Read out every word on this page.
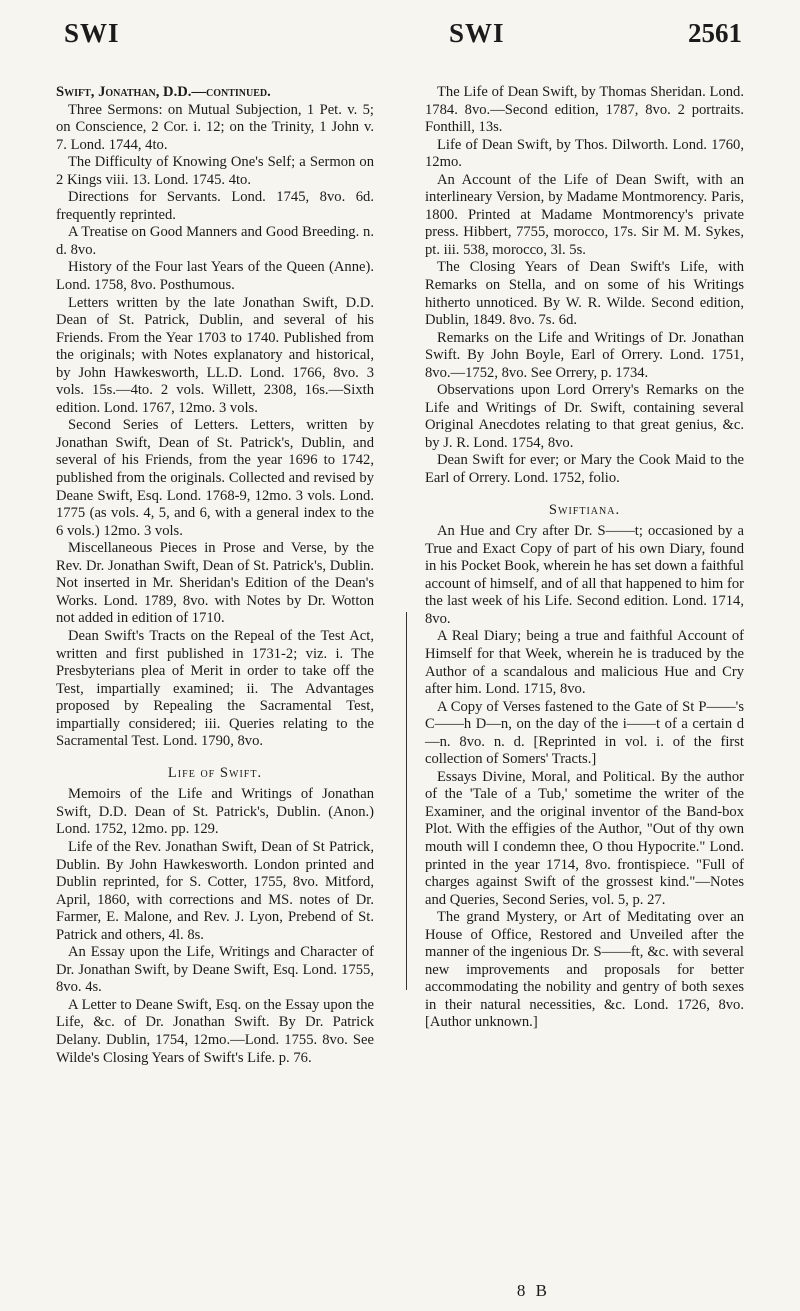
SWI	SWI	2561

Swift, Jonathan, D.D.—continued.

Three Sermons: on Mutual Subjection, 1 Pet. v. 5; on Conscience, 2 Cor. i. 12; on the Trinity, 1 John v. 7. Lond. 1744, 4to.

The Difficulty of Knowing One's Self; a Sermon on 2 Kings viii. 13. Lond. 1745. 4to.

Directions for Servants. Lond. 1745, 8vo. 6d. frequently reprinted.

A Treatise on Good Manners and Good Breeding. n. d. 8vo.

History of the Four last Years of the Queen (Anne). Lond. 1758, 8vo. Posthumous.

Letters written by the late Jonathan Swift, D.D. Dean of St. Patrick, Dublin, and several of his Friends. From the Year 1703 to 1740. Published from the originals; with Notes explanatory and historical, by John Hawkesworth, LL.D. Lond. 1766, 8vo. 3 vols. 15s.—4to. 2 vols. Willett, 2308, 16s.—Sixth edition. Lond. 1767, 12mo. 3 vols.

Second Series of Letters. Letters, written by Jonathan Swift, Dean of St. Patrick's, Dublin, and several of his Friends, from the year 1696 to 1742, published from the originals. Collected and revised by Deane Swift, Esq. Lond. 1768-9, 12mo. 3 vols. Lond. 1775 (as vols. 4, 5, and 6, with a general index to the 6 vols.) 12mo. 3 vols.

Miscellaneous Pieces in Prose and Verse, by the Rev. Dr. Jonathan Swift, Dean of St. Patrick's, Dublin. Not inserted in Mr. Sheridan's Edition of the Dean's Works. Lond. 1789, 8vo. with Notes by Dr. Wotton not added in edition of 1710.

Dean Swift's Tracts on the Repeal of the Test Act, written and first published in 1731-2; viz. i. The Presbyterians plea of Merit in order to take off the Test, impartially examined; ii. The Advantages proposed by Repealing the Sacramental Test, impartially considered; iii. Queries relating to the Sacramental Test. Lond. 1790, 8vo.

Life of Swift.

Memoirs of the Life and Writings of Jonathan Swift, D.D. Dean of St. Patrick's, Dublin. (Anon.) Lond. 1752, 12mo. pp. 129.

Life of the Rev. Jonathan Swift, Dean of St Patrick, Dublin. By John Hawkesworth. London printed and Dublin reprinted, for S. Cotter, 1755, 8vo. Mitford, April, 1860, with corrections and MS. notes of Dr. Farmer, E. Malone, and Rev. J. Lyon, Prebend of St. Patrick and others, 4l. 8s.

An Essay upon the Life, Writings and Character of Dr. Jonathan Swift, by Deane Swift, Esq. Lond. 1755, 8vo. 4s.

A Letter to Deane Swift, Esq. on the Essay upon the Life, &c. of Dr. Jonathan Swift. By Dr. Patrick Delany. Dublin, 1754, 12mo.—Lond. 1755. 8vo. See Wilde's Closing Years of Swift's Life. p. 76.

The Life of Dean Swift, by Thomas Sheridan. Lond. 1784. 8vo.—Second edition, 1787, 8vo. 2 portraits. Fonthill, 13s.

Life of Dean Swift, by Thos. Dilworth. Lond. 1760, 12mo.

An Account of the Life of Dean Swift, with an interlineary Version, by Madame Montmorency. Paris, 1800. Printed at Madame Montmorency's private press. Hibbert, 7755, morocco, 17s. Sir M. M. Sykes, pt. iii. 538, morocco, 3l. 5s.

The Closing Years of Dean Swift's Life, with Remarks on Stella, and on some of his Writings hitherto unnoticed. By W. R. Wilde. Second edition, Dublin, 1849. 8vo. 7s. 6d.

Remarks on the Life and Writings of Dr. Jonathan Swift. By John Boyle, Earl of Orrery. Lond. 1751, 8vo.—1752, 8vo. See Orrery, p. 1734.

Observations upon Lord Orrery's Remarks on the Life and Writings of Dr. Swift, containing several Original Anecdotes relating to that great genius, &c. by J. R. Lond. 1754, 8vo.

Dean Swift for ever; or Mary the Cook Maid to the Earl of Orrery. Lond. 1752, folio.

Swiftiana.

An Hue and Cry after Dr. S——t; occasioned by a True and Exact Copy of part of his own Diary, found in his Pocket Book, wherein he has set down a faithful account of himself, and of all that happened to him for the last week of his Life. Second edition. Lond. 1714, 8vo.

A Real Diary; being a true and faithful Account of Himself for that Week, wherein he is traduced by the Author of a scandalous and malicious Hue and Cry after him. Lond. 1715, 8vo.

A Copy of Verses fastened to the Gate of St P——'s C——h D—n, on the day of the i——t of a certain d—n. 8vo. n. d. [Reprinted in vol. i. of the first collection of Somers' Tracts.]

Essays Divine, Moral, and Political. By the author of the 'Tale of a Tub,' sometime the writer of the Examiner, and the original inventor of the Band-box Plot. With the effigies of the Author, "Out of thy own mouth will I condemn thee, O thou Hypocrite." Lond. printed in the year 1714, 8vo. frontispiece. "Full of charges against Swift of the grossest kind."—Notes and Queries, Second Series, vol. 5, p. 27.

The grand Mystery, or Art of Meditating over an House of Office, Restored and Unveiled after the manner of the ingenious Dr. S——ft, &c. with several new improvements and proposals for better accommodating the nobility and gentry of both sexes in their natural necessities, &c. Lond. 1726, 8vo. [Author unknown.]

8 B
